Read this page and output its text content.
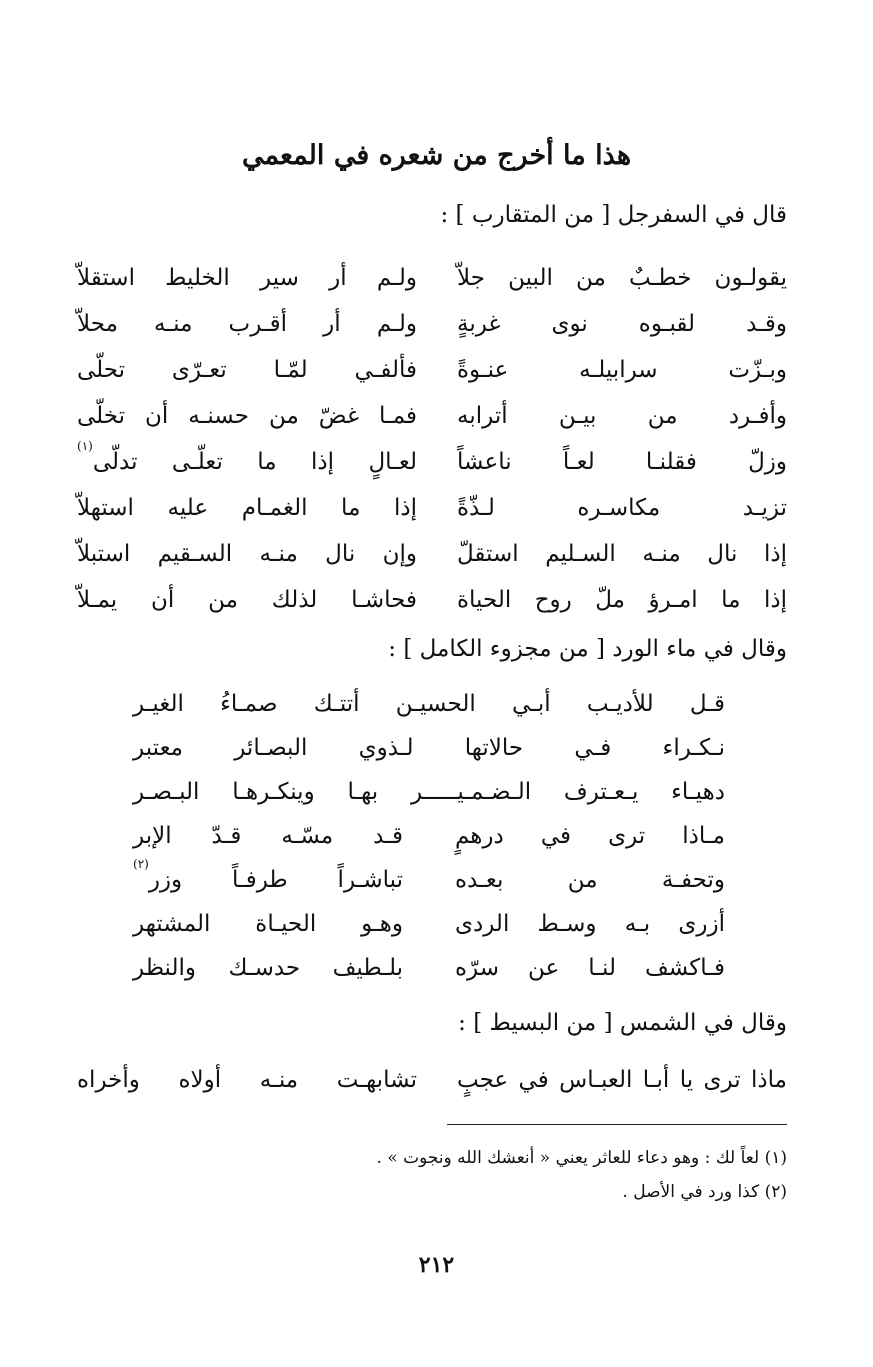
هذا ما أخرج من شعره في المعمي
قال في السفرجل [ من المتقارب ] :
يقولـون خطـبٌ من البين جلاّ
ولـم أر سير الخليط استقلاّ
وقـد لقبـوه نوى غربةٍ
ولـم أر أقـرب منـه محلاّ
وبـزّت سرابيلـه عنـوةً
فألفـي لمّـا تعـرّى تحلّى
وأفـرد من بيـن أترابه
فمـا غضّ من حسنـه أن تخلّى
وزلّ فقلنـا لعـاً ناعشاً
لعـالٍ إذا ما تعلّـى تدلّى$^{(١)}$
تزيـد مكاسـره لـذّةً
إذا ما الغمـام عليه استهلاّ
إذا نال منـه السـليم استقلّ
وإن نال منـه السـقيم استبلاّ
إذا ما امـرؤ ملّ روح الحياة
فحاشـا لذلك من أن يمـلاّ
وقال في ماء الورد [ من مجزوء الكامل ] :
قـل للأديـب أبـي الحسيـن أتتـك صمـاءُ الغيـر
نـكـراء فـي حالاتها لـذوي البصـائر معتبر
دهيـاء يـعـترف الـضـمـيـــــر بهـا وينكـرهـا البـصـر
مـاذا ترى في درهمٍ
قـد مسّـه قـدّ الإبر
وتحفـة من بعـده
تباشـراً طرفـاً وزر$^{(٢)}$
أزرى بـه وسـط الردى
وهـو الحيـاة المشتهر
فـاكشف لنـا عن سرّه
بلـطيف حدسـك والنظر
وقال في الشمس [ من البسيط ] :
ماذا ترى يا أبـا العبـاس في عجبٍ
تشابهـت منـه أولاه وأخراه
(١) لعاً لك : وهو دعاء للعاثر يعني « أنعشك الله ونجوت » .
(٢) كذا ورد في الأصل .
٢١٢
